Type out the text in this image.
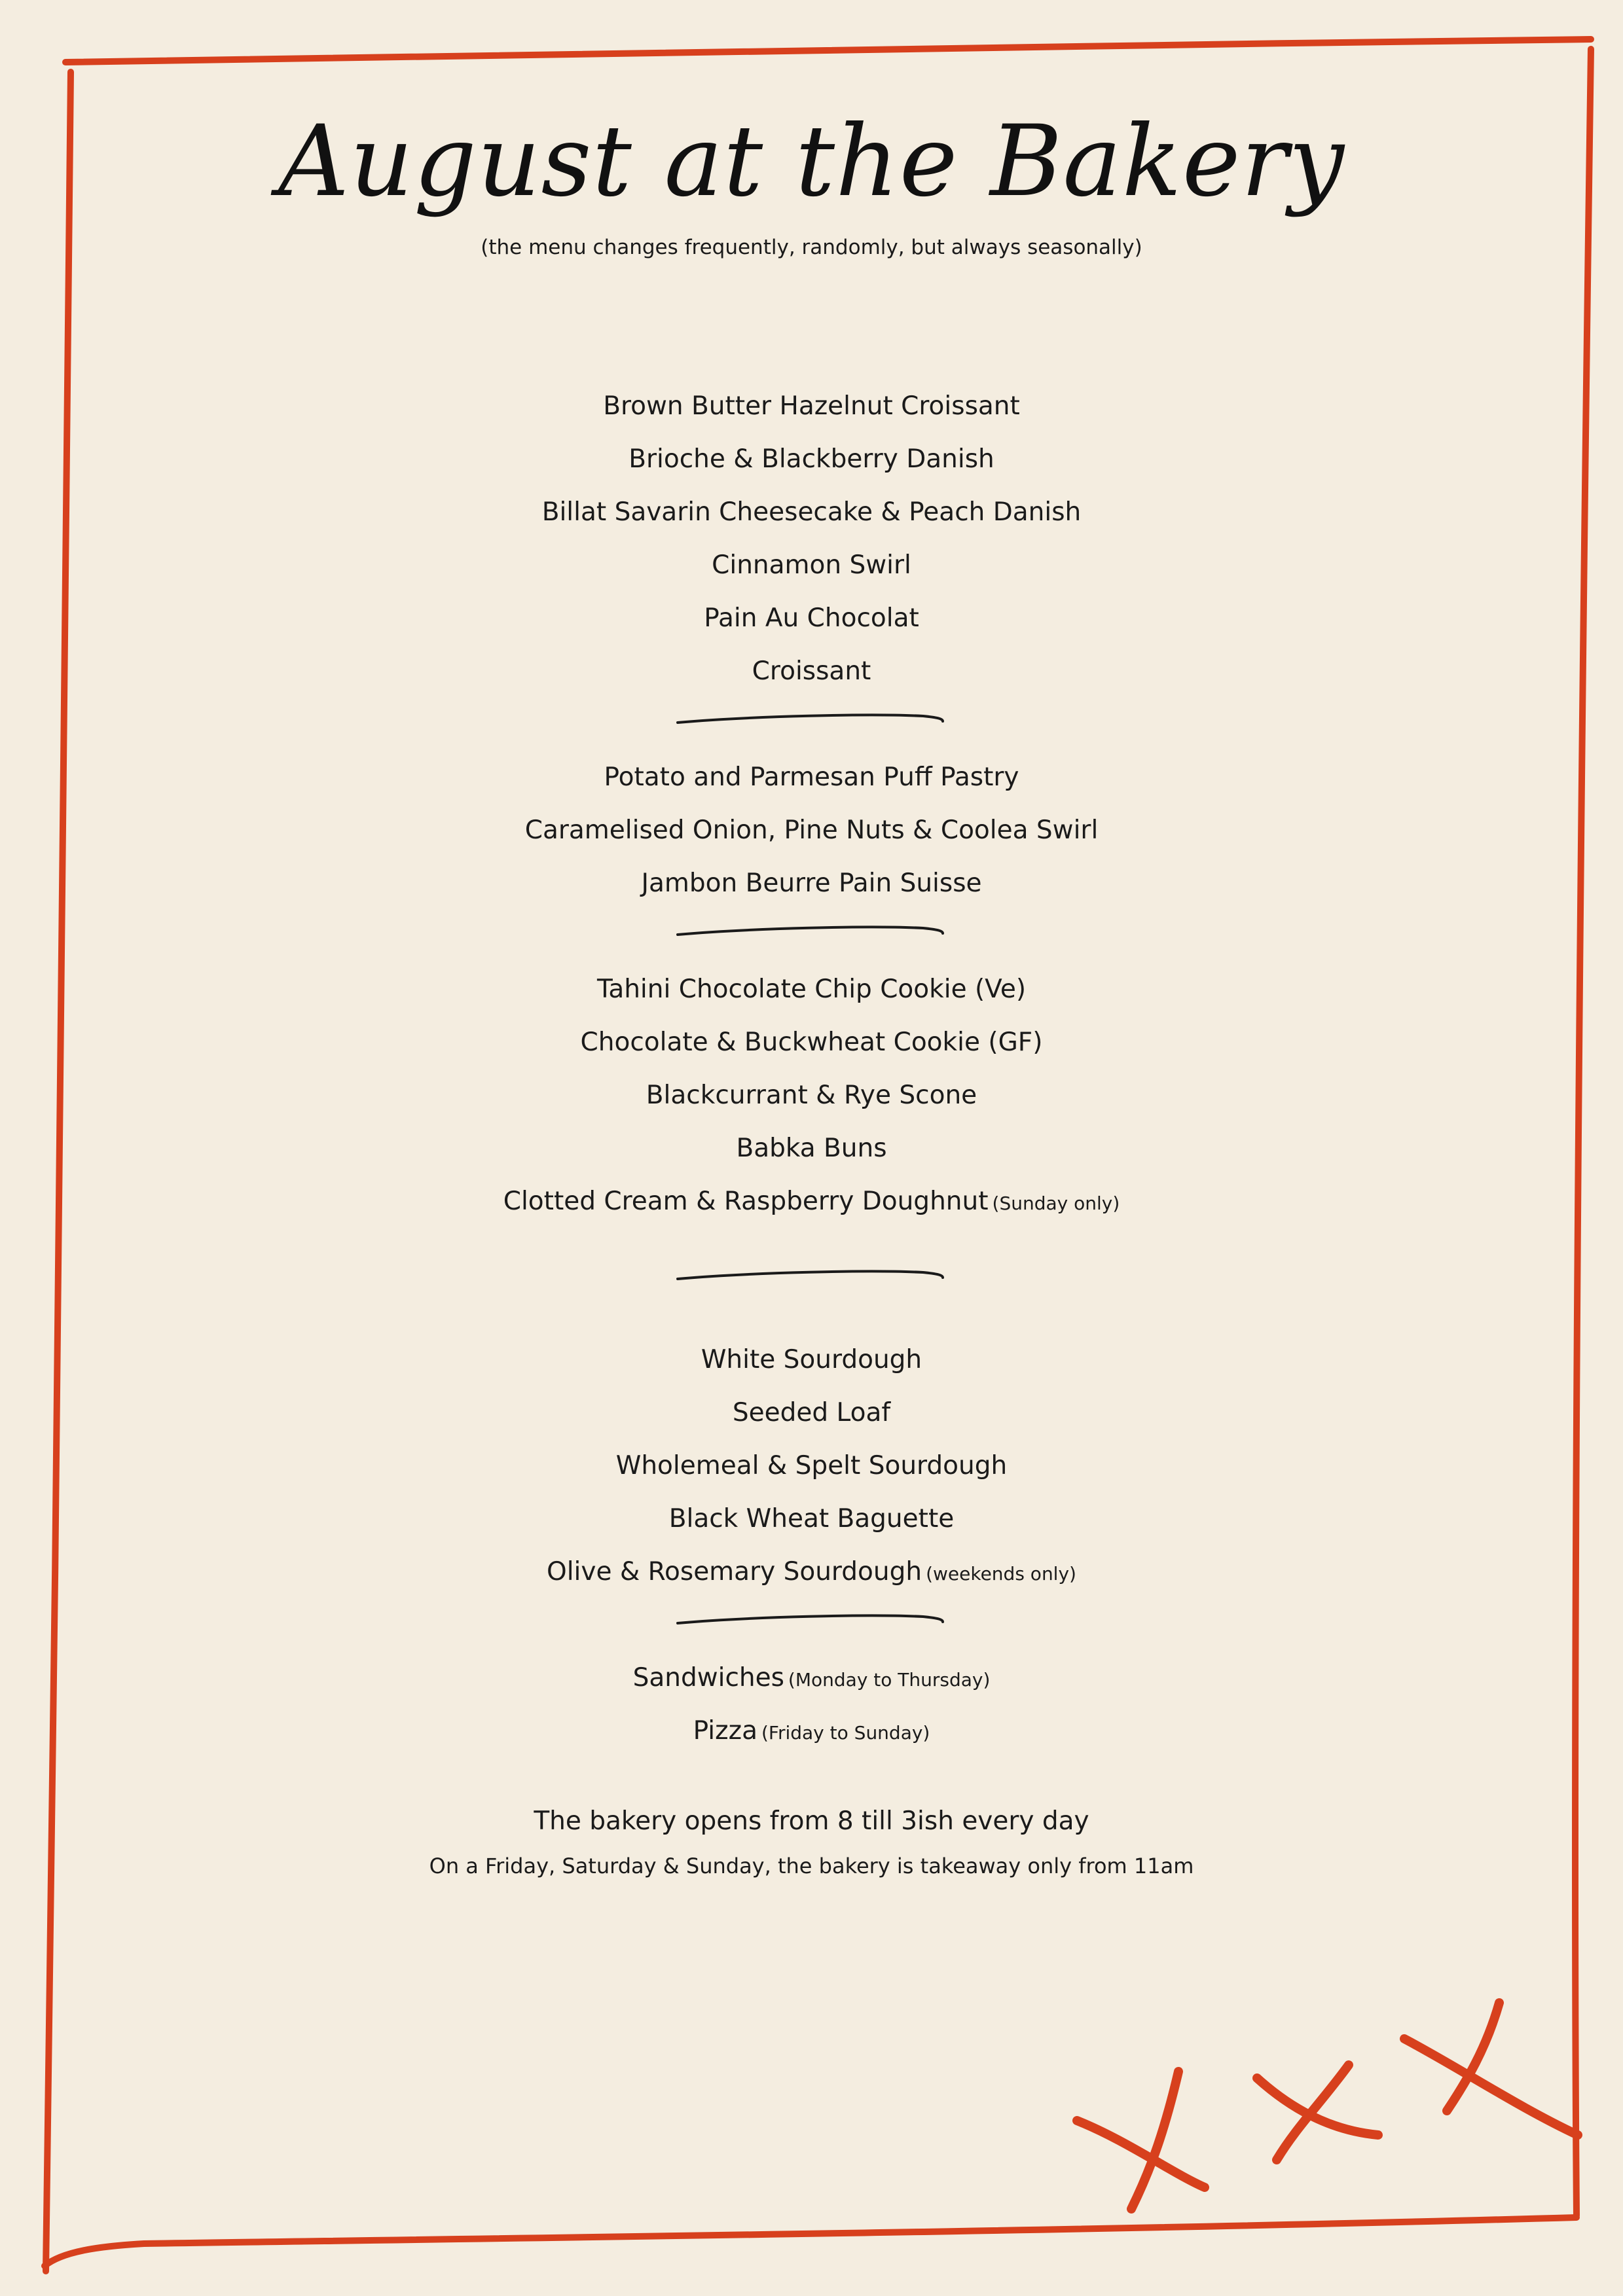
August at the Bakery
(the menu changes frequently, randomly, but always seasonally)
Brown Butter Hazelnut Croissant
Brioche & Blackberry Danish
Billat Savarin Cheesecake & Peach Danish
Cinnamon Swirl
Pain Au Chocolat
Croissant
Potato and Parmesan Puff Pastry
Caramelised Onion, Pine Nuts & Coolea Swirl
Jambon Beurre Pain Suisse
Tahini Chocolate Chip Cookie (Ve)
Chocolate & Buckwheat Cookie (GF)
Blackcurrant & Rye Scone
Babka Buns
Clotted Cream & Raspberry Doughnut (Sunday only)
White Sourdough
Seeded Loaf
Wholemeal & Spelt Sourdough
Black Wheat Baguette
Olive & Rosemary Sourdough (weekends only)
Sandwiches (Monday to Thursday)
Pizza (Friday to Sunday)
The bakery opens from 8 till 3ish every day
On a Friday, Saturday & Sunday, the bakery is takeaway only from 11am
